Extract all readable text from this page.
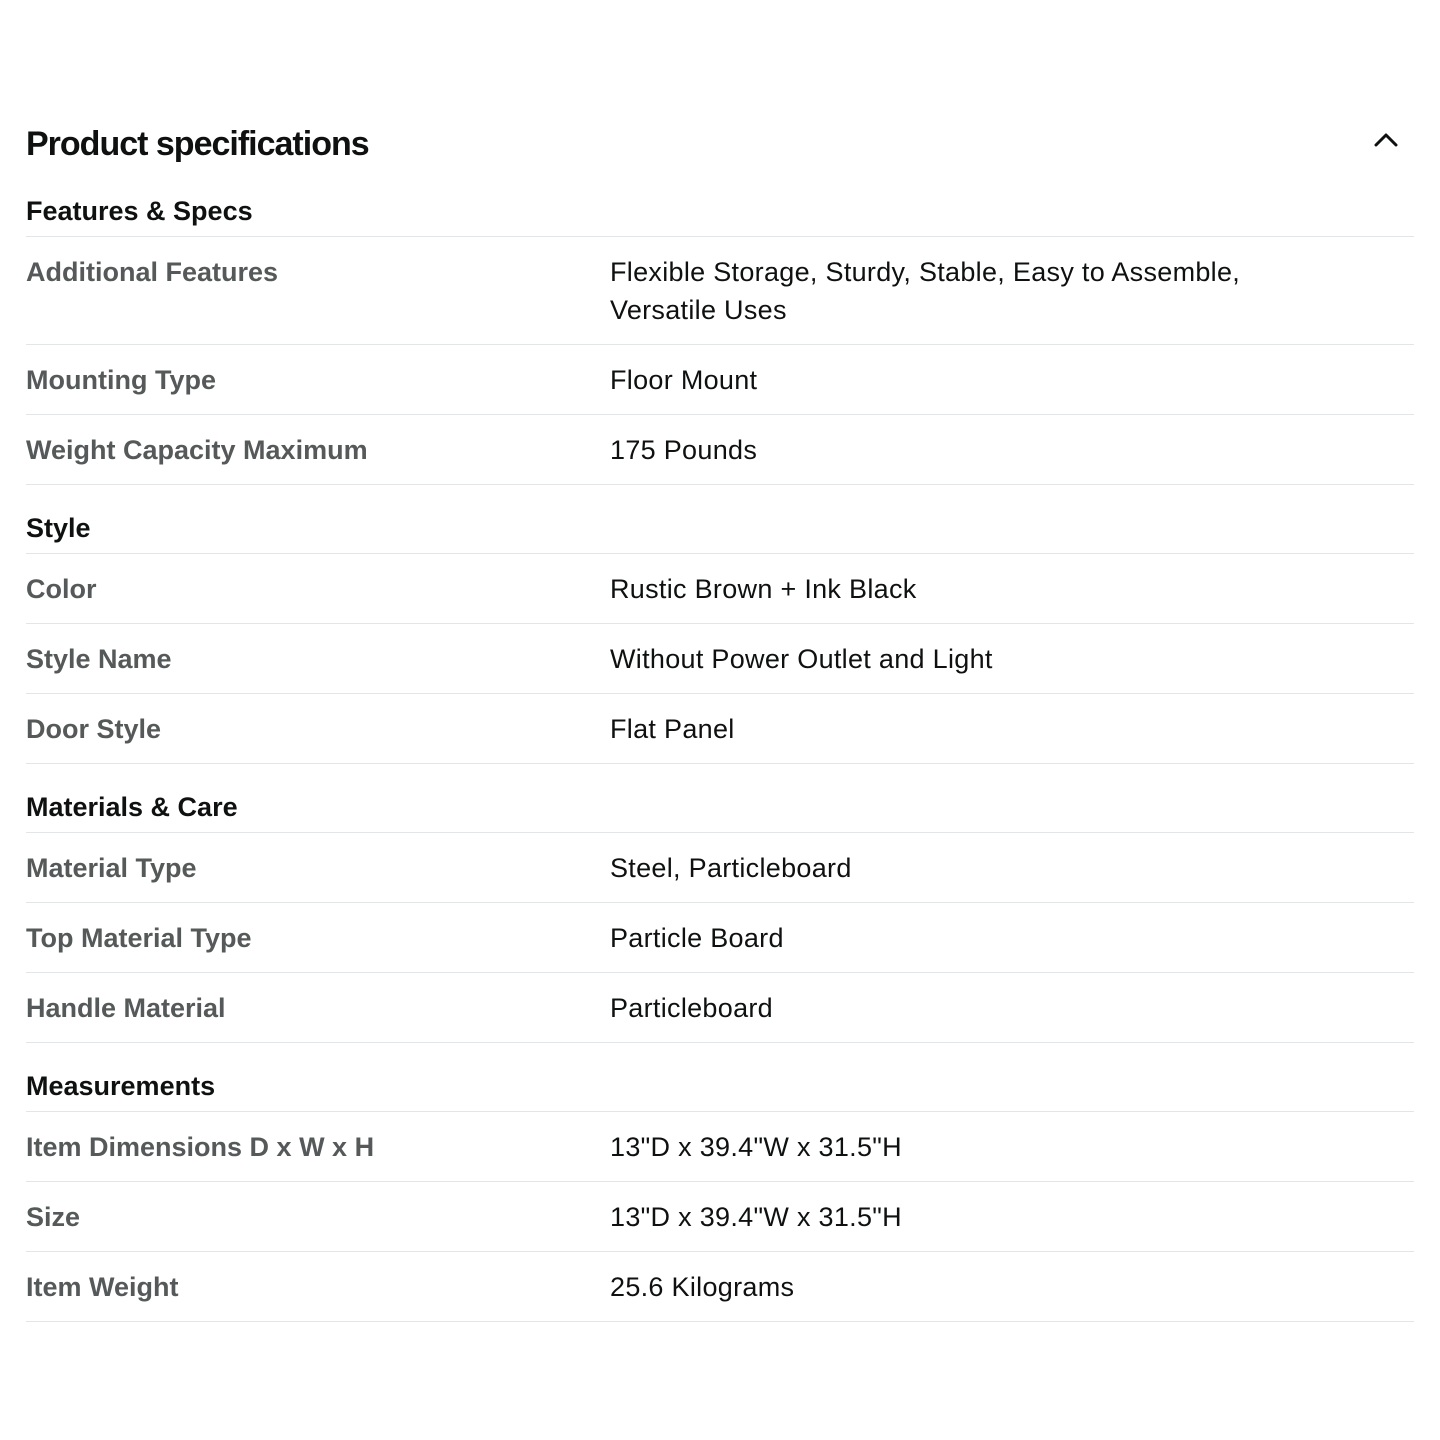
Product specifications
Features & Specs
Additional Features	Flexible Storage, Sturdy, Stable, Easy to Assemble, Versatile Uses
Mounting Type	Floor Mount
Weight Capacity Maximum	175 Pounds
Style
Color	Rustic Brown + Ink Black
Style Name	Without Power Outlet and Light
Door Style	Flat Panel
Materials & Care
Material Type	Steel, Particleboard
Top Material Type	Particle Board
Handle Material	Particleboard
Measurements
Item Dimensions D x W x H	13"D x 39.4"W x 31.5"H
Size	13"D x 39.4"W x 31.5"H
Item Weight	25.6 Kilograms
